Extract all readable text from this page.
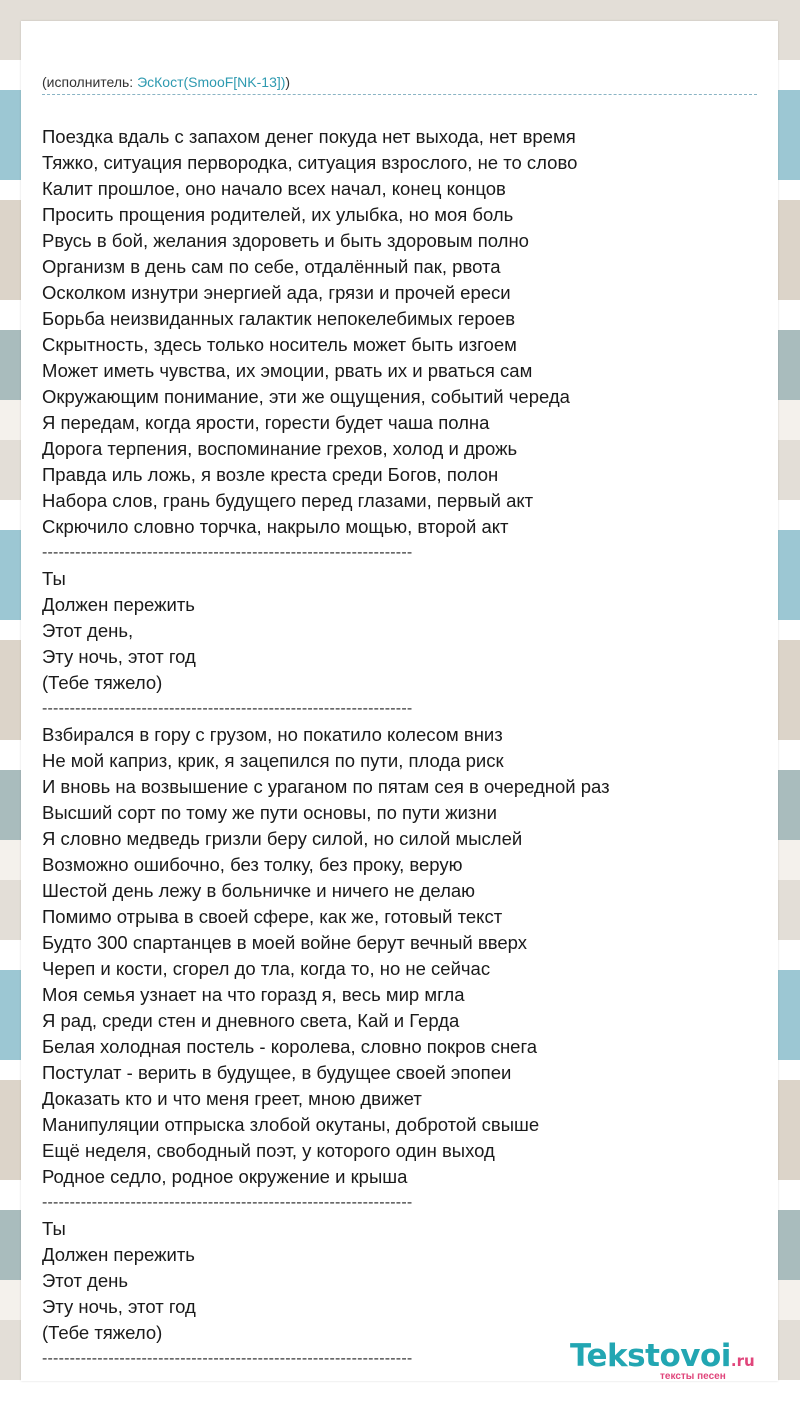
(исполнитель: ЭсКост(SmooF[NK-13]))
Поездка вдаль с запахом денег покуда нет выхода, нет время
Тяжко, ситуация первородка, ситуация взрослого, не то слово
Калит прошлое, оно начало всех начал, конец концов
Просить прощения родителей, их улыбка, но моя боль
Рвусь в бой, желания здороветь и быть здоровым полно
Организм в день сам по себе, отдалённый пак, рвота
Осколком изнутри энергией ада, грязи и прочей ереси
Борьба неизвиданных галактик непокелебимых героев
Скрытность, здесь только носитель может быть изгоем
Может иметь чувства, их эмоции, рвать их и рваться сам
Окружающим понимание, эти же ощущения, событий череда
Я передам, когда ярости, горести будет чаша полна
Дорога терпения, воспоминание грехов, холод и дрожь
Правда иль ложь, я возле креста среди Богов, полон
Набора слов, грань будущего перед глазами, первый акт
Скрючило словно торчка, накрыло мощью, второй акт
-------------------------------------------------------------------
Ты
Должен пережить
Этот день,
Эту ночь, этот год
(Тебе тяжело)
-------------------------------------------------------------------
Взбирался в гору с грузом, но покатило колесом вниз
Не мой каприз, крик, я зацепился по пути, плода риск
И вновь на возвышение с ураганом по пятам сея в очередной раз
Высший сорт по тому же пути основы, по пути жизни
Я словно медведь гризли беру силой, но силой мыслей
Возможно ошибочно, без толку, без проку, верую
Шестой день лежу в больничке и ничего не делаю
Помимо отрыва в своей сфере, как же, готовый текст
Будто 300 спартанцев в моей войне берут вечный вверх
Череп и кости, сгорел до тла, когда то, но не сейчас
Моя семья узнает на что горазд я, весь мир мгла
Я рад, среди стен и дневного света, Кай и Герда
Белая холодная постель - королева, словно покров снега
Постулат - верить в будущее, в будущее своей эпопеи
Доказать кто и что меня греет, мною движет
Манипуляции отпрыска злобой окутаны, добротой свыше
Ещё неделя, свободный поэт, у которого один выход
Родное седло, родное окружение и крыша
-------------------------------------------------------------------
Ты
Должен пережить
Этот день
Эту ночь, этот год
(Тебе тяжело)
-------------------------------------------------------------------	Tekstovoi.ru
тексты песен
